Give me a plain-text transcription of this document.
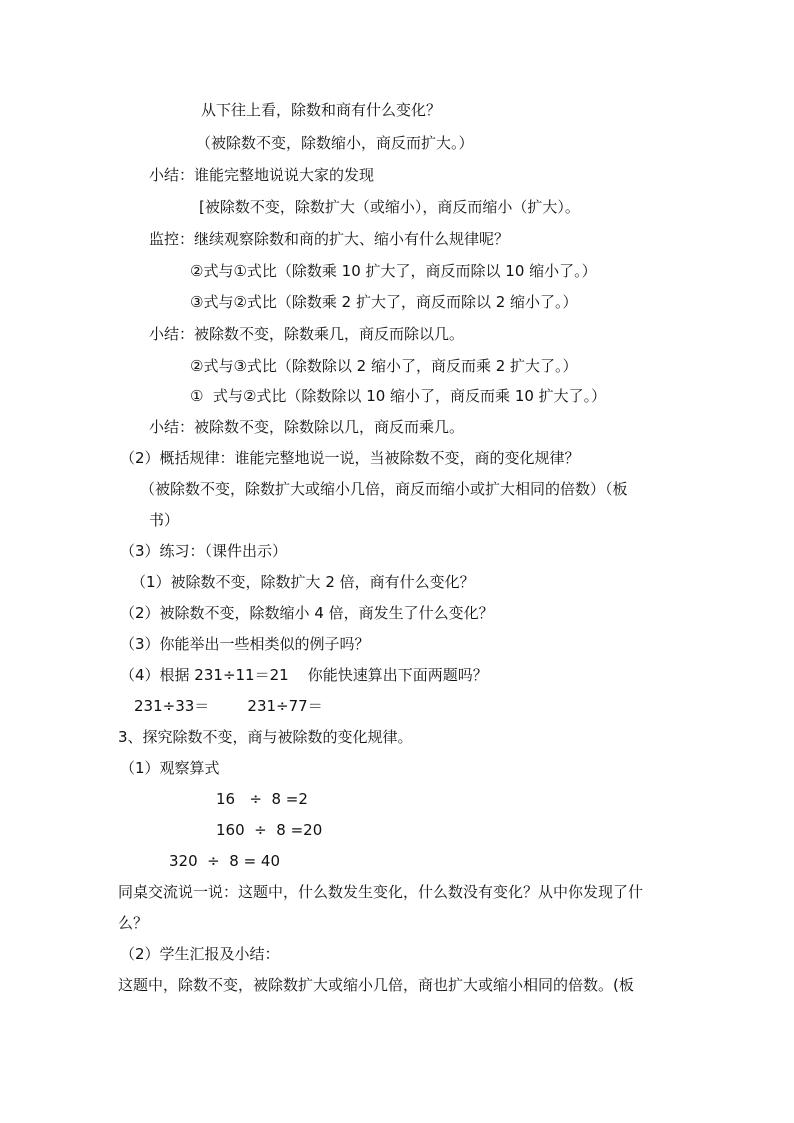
从下往上看，除数和商有什么变化？
（被除数不变，除数缩小，商反而扩大。）
小结：谁能完整地说说大家的发现
[被除数不变，除数扩大（或缩小），商反而缩小（扩大）。
监控：继续观察除数和商的扩大、缩小有什么规律呢？
②式与①式比（除数乘 10 扩大了，商反而除以 10 缩小了。）
③式与②式比（除数乘 2 扩大了，商反而除以 2 缩小了。）
小结：被除数不变，除数乘几，商反而除以几。
②式与③式比（除数除以 2 缩小了，商反而乘 2 扩大了。）
①  式与②式比（除数除以 10 缩小了，商反而乘 10 扩大了。）
小结：被除数不变，除数除以几，商反而乘几。
（2）概括规律：谁能完整地说一说，当被除数不变，商的变化规律？
（被除数不变，除数扩大或缩小几倍，商反而缩小或扩大相同的倍数）（板
书）
（3）练习：（课件出示）
（1）被除数不变，除数扩大 2 倍，商有什么变化？
（2）被除数不变，除数缩小 4 倍，商发生了什么变化？
（3）你能举出一些相类似的例子吗？
（4）根据 231÷11＝21    你能快速算出下面两题吗？
231÷33＝        231÷77＝
3、探究除数不变，商与被除数的变化规律。
（1）观察算式
16   ÷  8 =2
160  ÷  8 =20
320  ÷  8 = 40
同桌交流说一说：这题中，什么数发生变化，什么数没有变化？从中你发现了什
么？
（2）学生汇报及小结：
这题中，除数不变，被除数扩大或缩小几倍，商也扩大或缩小相同的倍数。(板
